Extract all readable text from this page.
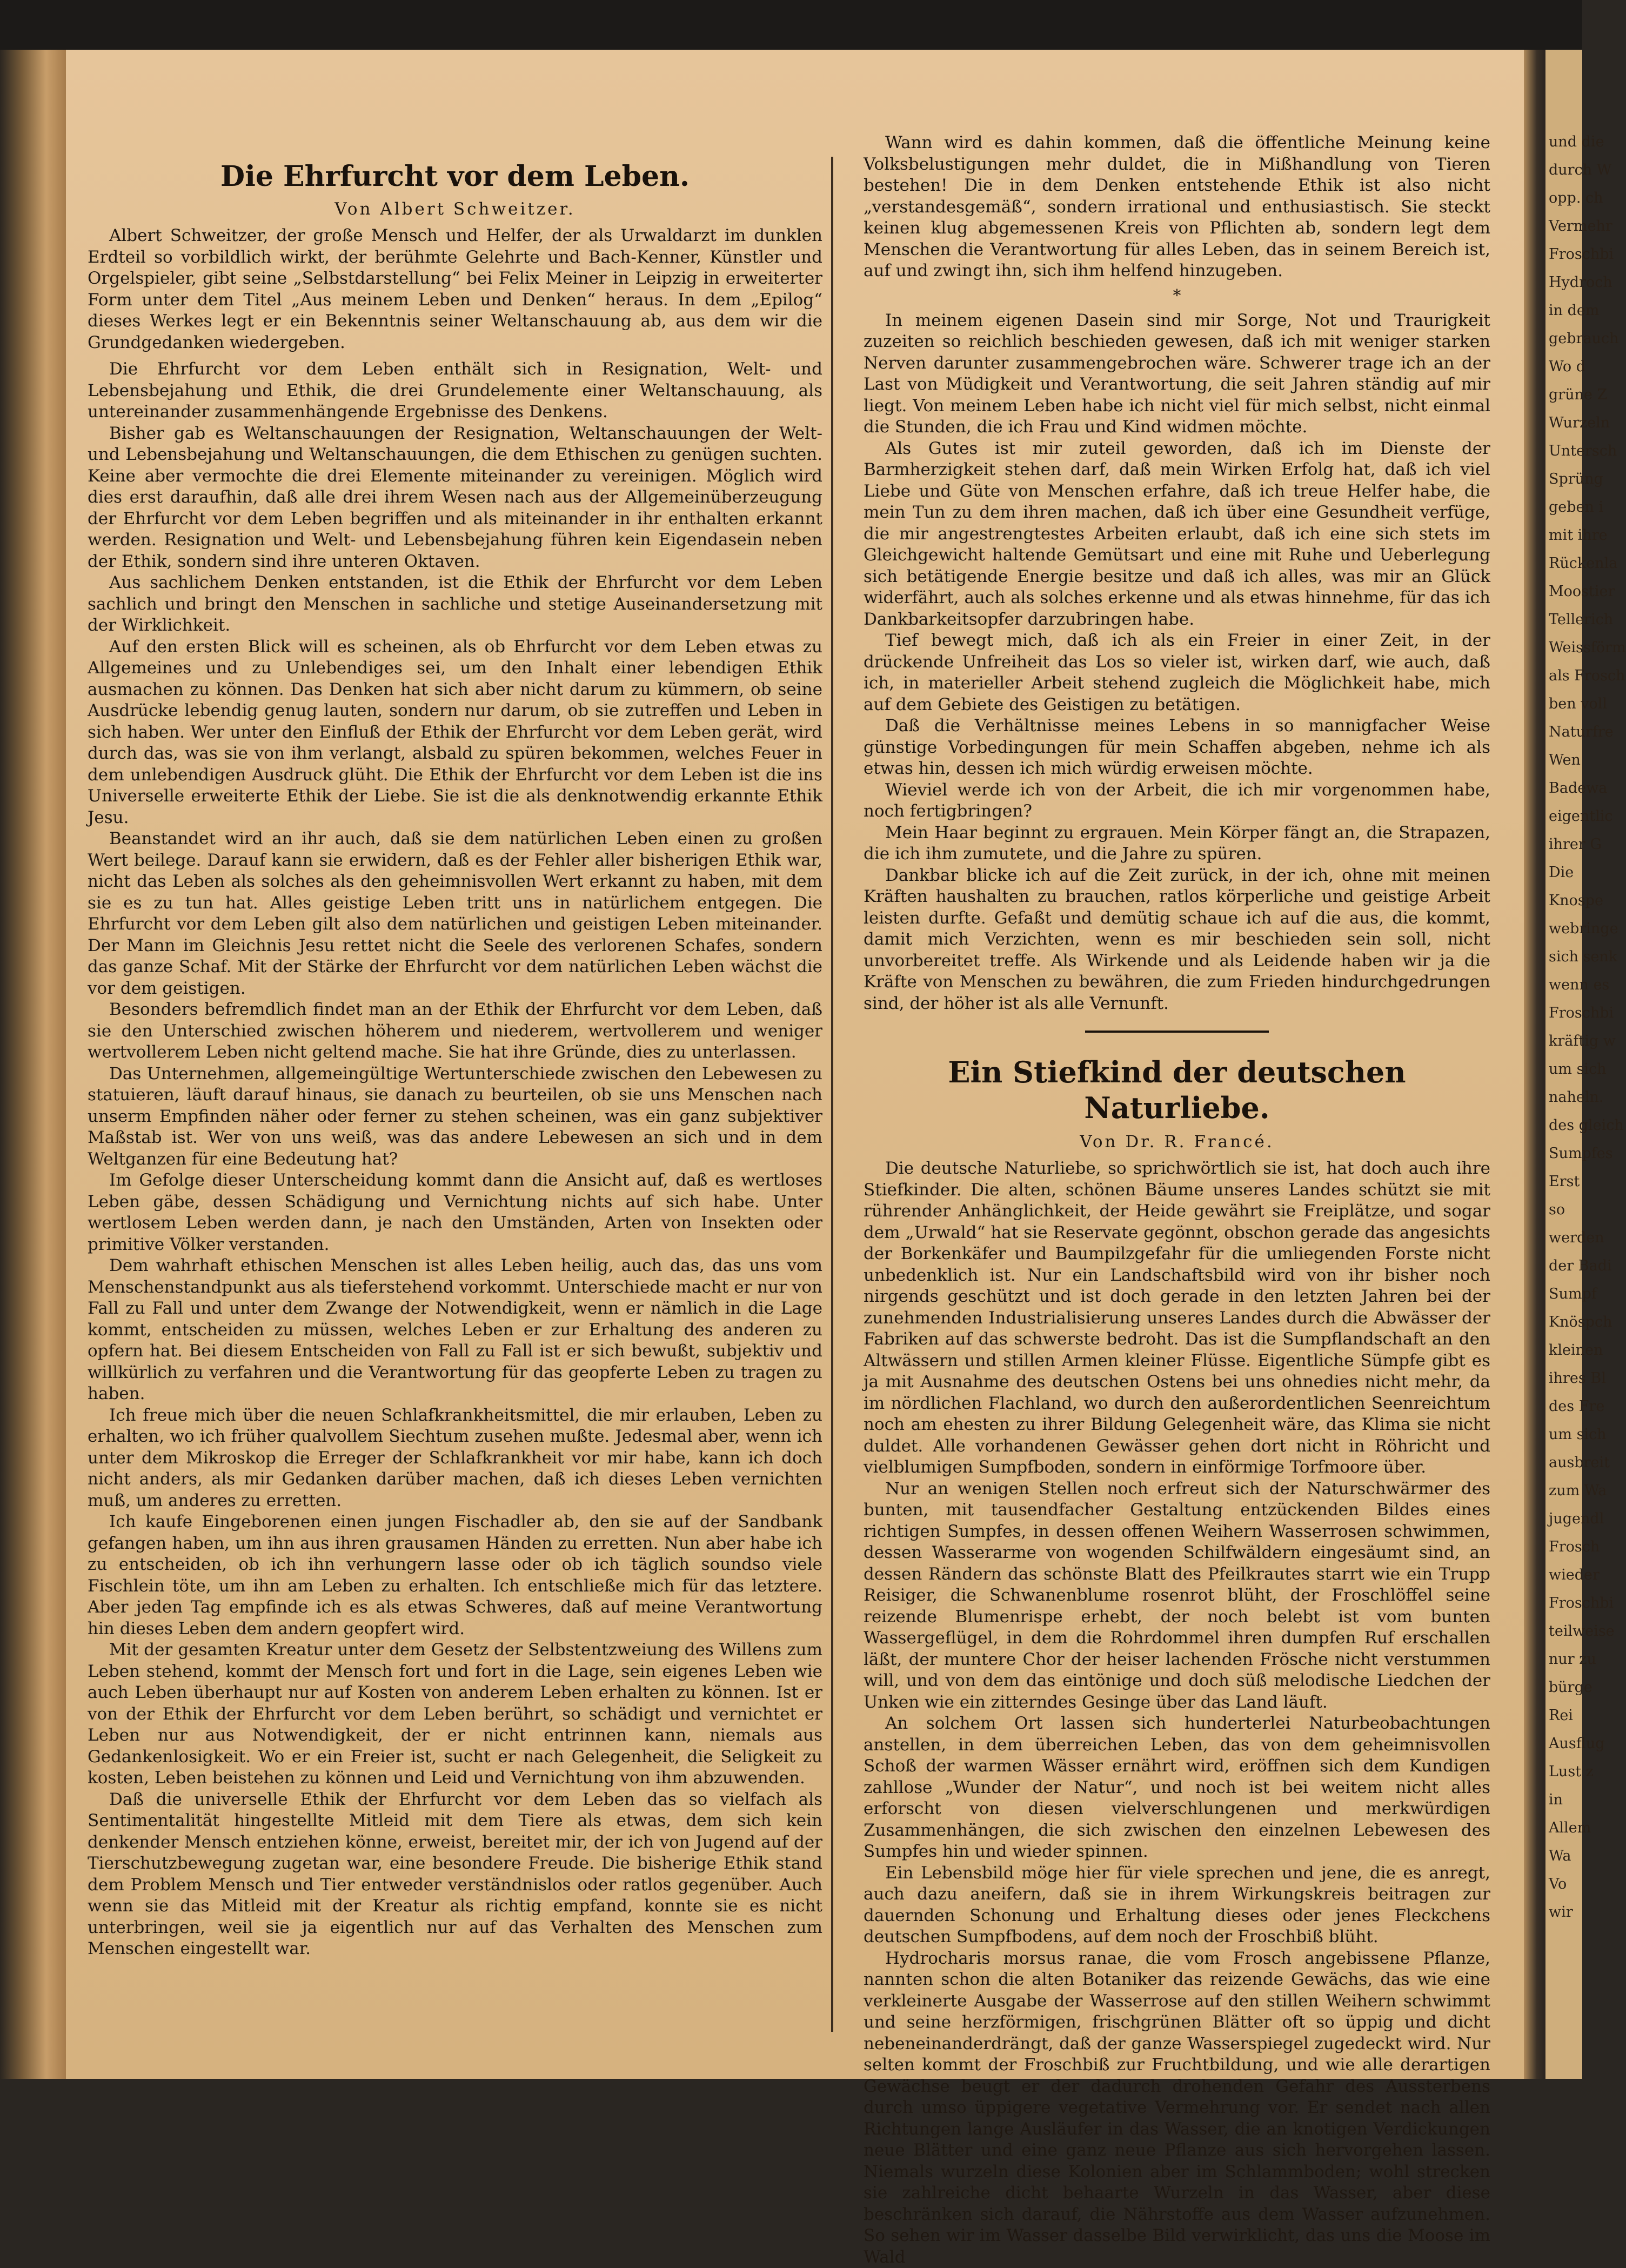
und die
durch W
opp. ch
Vermehr
Froschbi
Hydroch
in dem
gebrauch
Wo d
grüne Z
Wurzeln
Untersch
Sprüng
geben i
mit ihre
Rückenla
Moostier
Tellerich
Weissförm
als Frosch
ben voll
Naturfre
Wen
Badewa
eigentlic
ihrer G
Die
Knospe
webringe
sich senk
wenn es
Froschbi
kräftig w
um sich
naheln.
des gleich
Sumpfes
Erst
so
werden
der Badi
Sumpf
Knöspch
kleinen
ihres Bl
des Fre
um sich
ausbreit
zum Wa
jugendl
Frosch
wieder
Froschbi
teilweise
nur zu
bürge
Rei
Ausflug
Lust z
in
Allem
Wa
Vo
wir
Die Ehrfurcht vor dem Leben.
Von Albert Schweitzer.
Albert Schweitzer, der große Mensch und Helfer, der als Urwaldarzt im dunklen Erdteil so vorbildlich wirkt, der berühmte Gelehrte und Bach-Kenner, Künstler und Orgelspieler, gibt seine „Selbstdarstellung“ bei Felix Meiner in Leipzig in erweiterter Form unter dem Titel „Aus meinem Leben und Denken“ heraus. In dem „Epilog“ dieses Werkes legt er ein Bekenntnis seiner Weltanschauung ab, aus dem wir die Grundgedanken wiedergeben.

Die Ehrfurcht vor dem Leben enthält sich in Resignation, Welt- und Lebensbejahung und Ethik, die drei Grundelemente einer Weltanschauung, als untereinander zusammenhängende Ergebnisse des Denkens.

Bisher gab es Weltanschauungen der Resignation, Weltanschauungen der Welt- und Lebensbejahung und Weltanschauungen, die dem Ethischen zu genügen suchten. Keine aber vermochte die drei Elemente miteinander zu vereinigen. Möglich wird dies erst daraufhin, daß alle drei ihrem Wesen nach aus der Allgemeinüberzeugung der Ehrfurcht vor dem Leben begriffen und als miteinander in ihr enthalten erkannt werden. Resignation und Welt- und Lebensbejahung führen kein Eigendasein neben der Ethik, sondern sind ihre unteren Oktaven.

Aus sachlichem Denken entstanden, ist die Ethik der Ehrfurcht vor dem Leben sachlich und bringt den Menschen in sachliche und stetige Auseinandersetzung mit der Wirklichkeit.

Auf den ersten Blick will es scheinen, als ob Ehrfurcht vor dem Leben etwas zu Allgemeines und zu Unlebendiges sei, um den Inhalt einer lebendigen Ethik ausmachen zu können. Das Denken hat sich aber nicht darum zu kümmern, ob seine Ausdrücke lebendig genug lauten, sondern nur darum, ob sie zutreffen und Leben in sich haben. Wer unter den Einfluß der Ethik der Ehrfurcht vor dem Leben gerät, wird durch das, was sie von ihm verlangt, alsbald zu spüren bekommen, welches Feuer in dem unlebendigen Ausdruck glüht. Die Ethik der Ehrfurcht vor dem Leben ist die ins Universelle erweiterte Ethik der Liebe. Sie ist die als denknotwendig erkannte Ethik Jesu.

Beanstandet wird an ihr auch, daß sie dem natürlichen Leben einen zu großen Wert beilege. Darauf kann sie erwidern, daß es der Fehler aller bisherigen Ethik war, nicht das Leben als solches als den geheimnisvollen Wert erkannt zu haben, mit dem sie es zu tun hat. Alles geistige Leben tritt uns in natürlichem entgegen. Die Ehrfurcht vor dem Leben gilt also dem natürlichen und geistigen Leben miteinander. Der Mann im Gleichnis Jesu rettet nicht die Seele des verlorenen Schafes, sondern das ganze Schaf. Mit der Stärke der Ehrfurcht vor dem natürlichen Leben wächst die vor dem geistigen.

Besonders befremdlich findet man an der Ethik der Ehrfurcht vor dem Leben, daß sie den Unterschied zwischen höherem und niederem, wertvollerem und weniger wertvollerem Leben nicht geltend mache. Sie hat ihre Gründe, dies zu unterlassen.

Das Unternehmen, allgemeingültige Wertunterschiede zwischen den Lebewesen zu statuieren, läuft darauf hinaus, sie danach zu beurteilen, ob sie uns Menschen nach unserm Empfinden näher oder ferner zu stehen scheinen, was ein ganz subjektiver Maßstab ist. Wer von uns weiß, was das andere Lebewesen an sich und in dem Weltganzen für eine Bedeutung hat?

Im Gefolge dieser Unterscheidung kommt dann die Ansicht auf, daß es wertloses Leben gäbe, dessen Schädigung und Vernichtung nichts auf sich habe. Unter wertlosem Leben werden dann, je nach den Umständen, Arten von Insekten oder primitive Völker verstanden.

Dem wahrhaft ethischen Menschen ist alles Leben heilig, auch das, das uns vom Menschenstandpunkt aus als tieferstehend vorkommt. Unterschiede macht er nur von Fall zu Fall und unter dem Zwange der Notwendigkeit, wenn er nämlich in die Lage kommt, entscheiden zu müssen, welches Leben er zur Erhaltung des anderen zu opfern hat. Bei diesem Entscheiden von Fall zu Fall ist er sich bewußt, subjektiv und willkürlich zu verfahren und die Verantwortung für das geopferte Leben zu tragen zu haben.

Ich freue mich über die neuen Schlafkrankheitsmittel, die mir erlauben, Leben zu erhalten, wo ich früher qualvollem Siechtum zusehen mußte. Jedesmal aber, wenn ich unter dem Mikroskop die Erreger der Schlafkrankheit vor mir habe, kann ich doch nicht anders, als mir Gedanken darüber machen, daß ich dieses Leben vernichten muß, um anderes zu erretten.

Ich kaufe Eingeborenen einen jungen Fischadler ab, den sie auf der Sandbank gefangen haben, um ihn aus ihren grausamen Händen zu erretten. Nun aber habe ich zu entscheiden, ob ich ihn verhungern lasse oder ob ich täglich soundso viele Fischlein töte, um ihn am Leben zu erhalten. Ich entschließe mich für das letztere. Aber jeden Tag empfinde ich es als etwas Schweres, daß auf meine Verantwortung hin dieses Leben dem andern geopfert wird.

Mit der gesamten Kreatur unter dem Gesetz der Selbstentzweiung des Willens zum Leben stehend, kommt der Mensch fort und fort in die Lage, sein eigenes Leben wie auch Leben überhaupt nur auf Kosten von anderem Leben erhalten zu können. Ist er von der Ethik der Ehrfurcht vor dem Leben berührt, so schädigt und vernichtet er Leben nur aus Notwendigkeit, der er nicht entrinnen kann, niemals aus Gedankenlosigkeit. Wo er ein Freier ist, sucht er nach Gelegenheit, die Seligkeit zu kosten, Leben beistehen zu können und Leid und Vernichtung von ihm abzuwenden.

Daß die universelle Ethik der Ehrfurcht vor dem Leben das so vielfach als Sentimentalität hingestellte Mitleid mit dem Tiere als etwas, dem sich kein denkender Mensch entziehen könne, erweist, bereitet mir, der ich von Jugend auf der Tierschutzbewegung zugetan war, eine besondere Freude. Die bisherige Ethik stand dem Problem Mensch und Tier entweder verständnislos oder ratlos gegenüber. Auch wenn sie das Mitleid mit der Kreatur als richtig empfand, konnte sie es nicht unterbringen, weil sie ja eigentlich nur auf das Verhalten des Menschen zum Menschen eingestellt war.

Wann wird es dahin kommen, daß die öffentliche Meinung keine Volksbelustigungen mehr duldet, die in Mißhandlung von Tieren bestehen! Die in dem Denken entstehende Ethik ist also nicht „verstandesgemäß“, sondern irrational und enthusiastisch. Sie steckt keinen klug abgemessenen Kreis von Pflichten ab, sondern legt dem Menschen die Verantwortung für alles Leben, das in seinem Bereich ist, auf und zwingt ihn, sich ihm helfend hinzugeben.

*

In meinem eigenen Dasein sind mir Sorge, Not und Traurigkeit zuzeiten so reichlich beschieden gewesen, daß ich mit weniger starken Nerven darunter zusammengebrochen wäre. Schwerer trage ich an der Last von Müdigkeit und Verantwortung, die seit Jahren ständig auf mir liegt. Von meinem Leben habe ich nicht viel für mich selbst, nicht einmal die Stunden, die ich Frau und Kind widmen möchte.

Als Gutes ist mir zuteil geworden, daß ich im Dienste der Barmherzigkeit stehen darf, daß mein Wirken Erfolg hat, daß ich viel Liebe und Güte von Menschen erfahre, daß ich treue Helfer habe, die mein Tun zu dem ihren machen, daß ich über eine Gesundheit verfüge, die mir angestrengtestes Arbeiten erlaubt, daß ich eine sich stets im Gleichgewicht haltende Gemütsart und eine mit Ruhe und Ueberlegung sich betätigende Energie besitze und daß ich alles, was mir an Glück widerfährt, auch als solches erkenne und als etwas hinnehme, für das ich Dankbarkeitsopfer darzubringen habe.

Tief bewegt mich, daß ich als ein Freier in einer Zeit, in der drückende Unfreiheit das Los so vieler ist, wirken darf, wie auch, daß ich, in materieller Arbeit stehend zugleich die Möglichkeit habe, mich auf dem Gebiete des Geistigen zu betätigen.

Daß die Verhältnisse meines Lebens in so mannigfacher Weise günstige Vorbedingungen für mein Schaffen abgeben, nehme ich als etwas hin, dessen ich mich würdig erweisen möchte.

Wieviel werde ich von der Arbeit, die ich mir vorgenommen habe, noch fertigbringen?

Mein Haar beginnt zu ergrauen. Mein Körper fängt an, die Strapazen, die ich ihm zumutete, und die Jahre zu spüren.

Dankbar blicke ich auf die Zeit zurück, in der ich, ohne mit meinen Kräften haushalten zu brauchen, ratlos körperliche und geistige Arbeit leisten durfte. Gefaßt und demütig schaue ich auf die aus, die kommt, damit mich Verzichten, wenn es mir beschieden sein soll, nicht unvorbereitet treffe. Als Wirkende und als Leidende haben wir ja die Kräfte von Menschen zu bewähren, die zum Frieden hindurchgedrungen sind, der höher ist als alle Vernunft.

Ein Stiefkind der deutschen Naturliebe.
Von Dr. R. Francé.

Die deutsche Naturliebe, so sprichwörtlich sie ist, hat doch auch ihre Stiefkinder. Die alten, schönen Bäume unseres Landes schützt sie mit rührender Anhänglichkeit, der Heide gewährt sie Freiplätze, und sogar dem „Urwald“ hat sie Reservate gegönnt, obschon gerade das angesichts der Borkenkäfer und Baumpilzgefahr für die umliegenden Forste nicht unbedenklich ist. Nur ein Landschaftsbild wird von ihr bisher noch nirgends geschützt und ist doch gerade in den letzten Jahren bei der zunehmenden Industrialisierung unseres Landes durch die Abwässer der Fabriken auf das schwerste bedroht. Das ist die Sumpflandschaft an den Altwässern und stillen Armen kleiner Flüsse. Eigentliche Sümpfe gibt es ja mit Ausnahme des deutschen Ostens bei uns ohnedies nicht mehr, da im nördlichen Flachland, wo durch den außerordentlichen Seenreichtum noch am ehesten zu ihrer Bildung Gelegenheit wäre, das Klima sie nicht duldet. Alle vorhandenen Gewässer gehen dort nicht in Röhricht und vielblumigen Sumpfboden, sondern in einförmige Torfmoore über.

Nur an wenigen Stellen noch erfreut sich der Naturschwärmer des bunten, mit tausendfacher Gestaltung entzückenden Bildes eines richtigen Sumpfes, in dessen offenen Weihern Wasserrosen schwimmen, dessen Wasserarme von wogenden Schilfwäldern eingesäumt sind, an dessen Rändern das schönste Blatt des Pfeilkrautes starrt wie ein Trupp Reisiger, die Schwanenblume rosenrot blüht, der Froschlöffel seine reizende Blumenrispe erhebt, der noch belebt ist vom bunten Wassergeflügel, in dem die Rohrdommel ihren dumpfen Ruf erschallen läßt, der muntere Chor der heiser lachenden Frösche nicht verstummen will, und von dem das eintönige und doch süß melodische Liedchen der Unken wie ein zitterndes Gesinge über das Land läuft.

An solchem Ort lassen sich hunderterlei Naturbeobachtungen anstellen, in dem überreichen Leben, das von dem geheimnisvollen Schoß der warmen Wässer ernährt wird, eröffnen sich dem Kundigen zahllose „Wunder der Natur“, und noch ist bei weitem nicht alles erforscht von diesen vielverschlungenen und merkwürdigen Zusammenhängen, die sich zwischen den einzelnen Lebewesen des Sumpfes hin und wieder spinnen.

Ein Lebensbild möge hier für viele sprechen und jene, die es anregt, auch dazu aneifern, daß sie in ihrem Wirkungskreis beitragen zur dauernden Schonung und Erhaltung dieses oder jenes Fleckchens deutschen Sumpfbodens, auf dem noch der Froschbiß blüht.

Hydrocharis morsus ranae, die vom Frosch angebissene Pflanze, nannten schon die alten Botaniker das reizende Gewächs, das wie eine verkleinerte Ausgabe der Wasserrose auf den stillen Weihern schwimmt und seine herzförmigen, frischgrünen Blätter oft so üppig und dicht nebeneinanderdrängt, daß der ganze Wasserspiegel zugedeckt wird. Nur selten kommt der Froschbiß zur Fruchtbildung, und wie alle derartigen Gewächse beugt er der dadurch drohenden Gefahr des Aussterbens durch umso üppigere vegetative Vermehrung vor. Er sendet nach allen Richtungen lange Ausläufer in das Wasser, die an knotigen Verdickungen neue Blätter und eine ganz neue Pflanze aus sich hervorgehen lassen. Niemals wurzeln diese Kolonien aber im Schlammboden; wohl strecken sie zahlreiche dicht behaarte Wurzeln in das Wasser, aber diese beschränken sich darauf, die Nährstoffe aus dem Wasser aufzunehmen. So sehen wir im Wasser dasselbe Bild verwirklicht, das uns die Moose im Wald
